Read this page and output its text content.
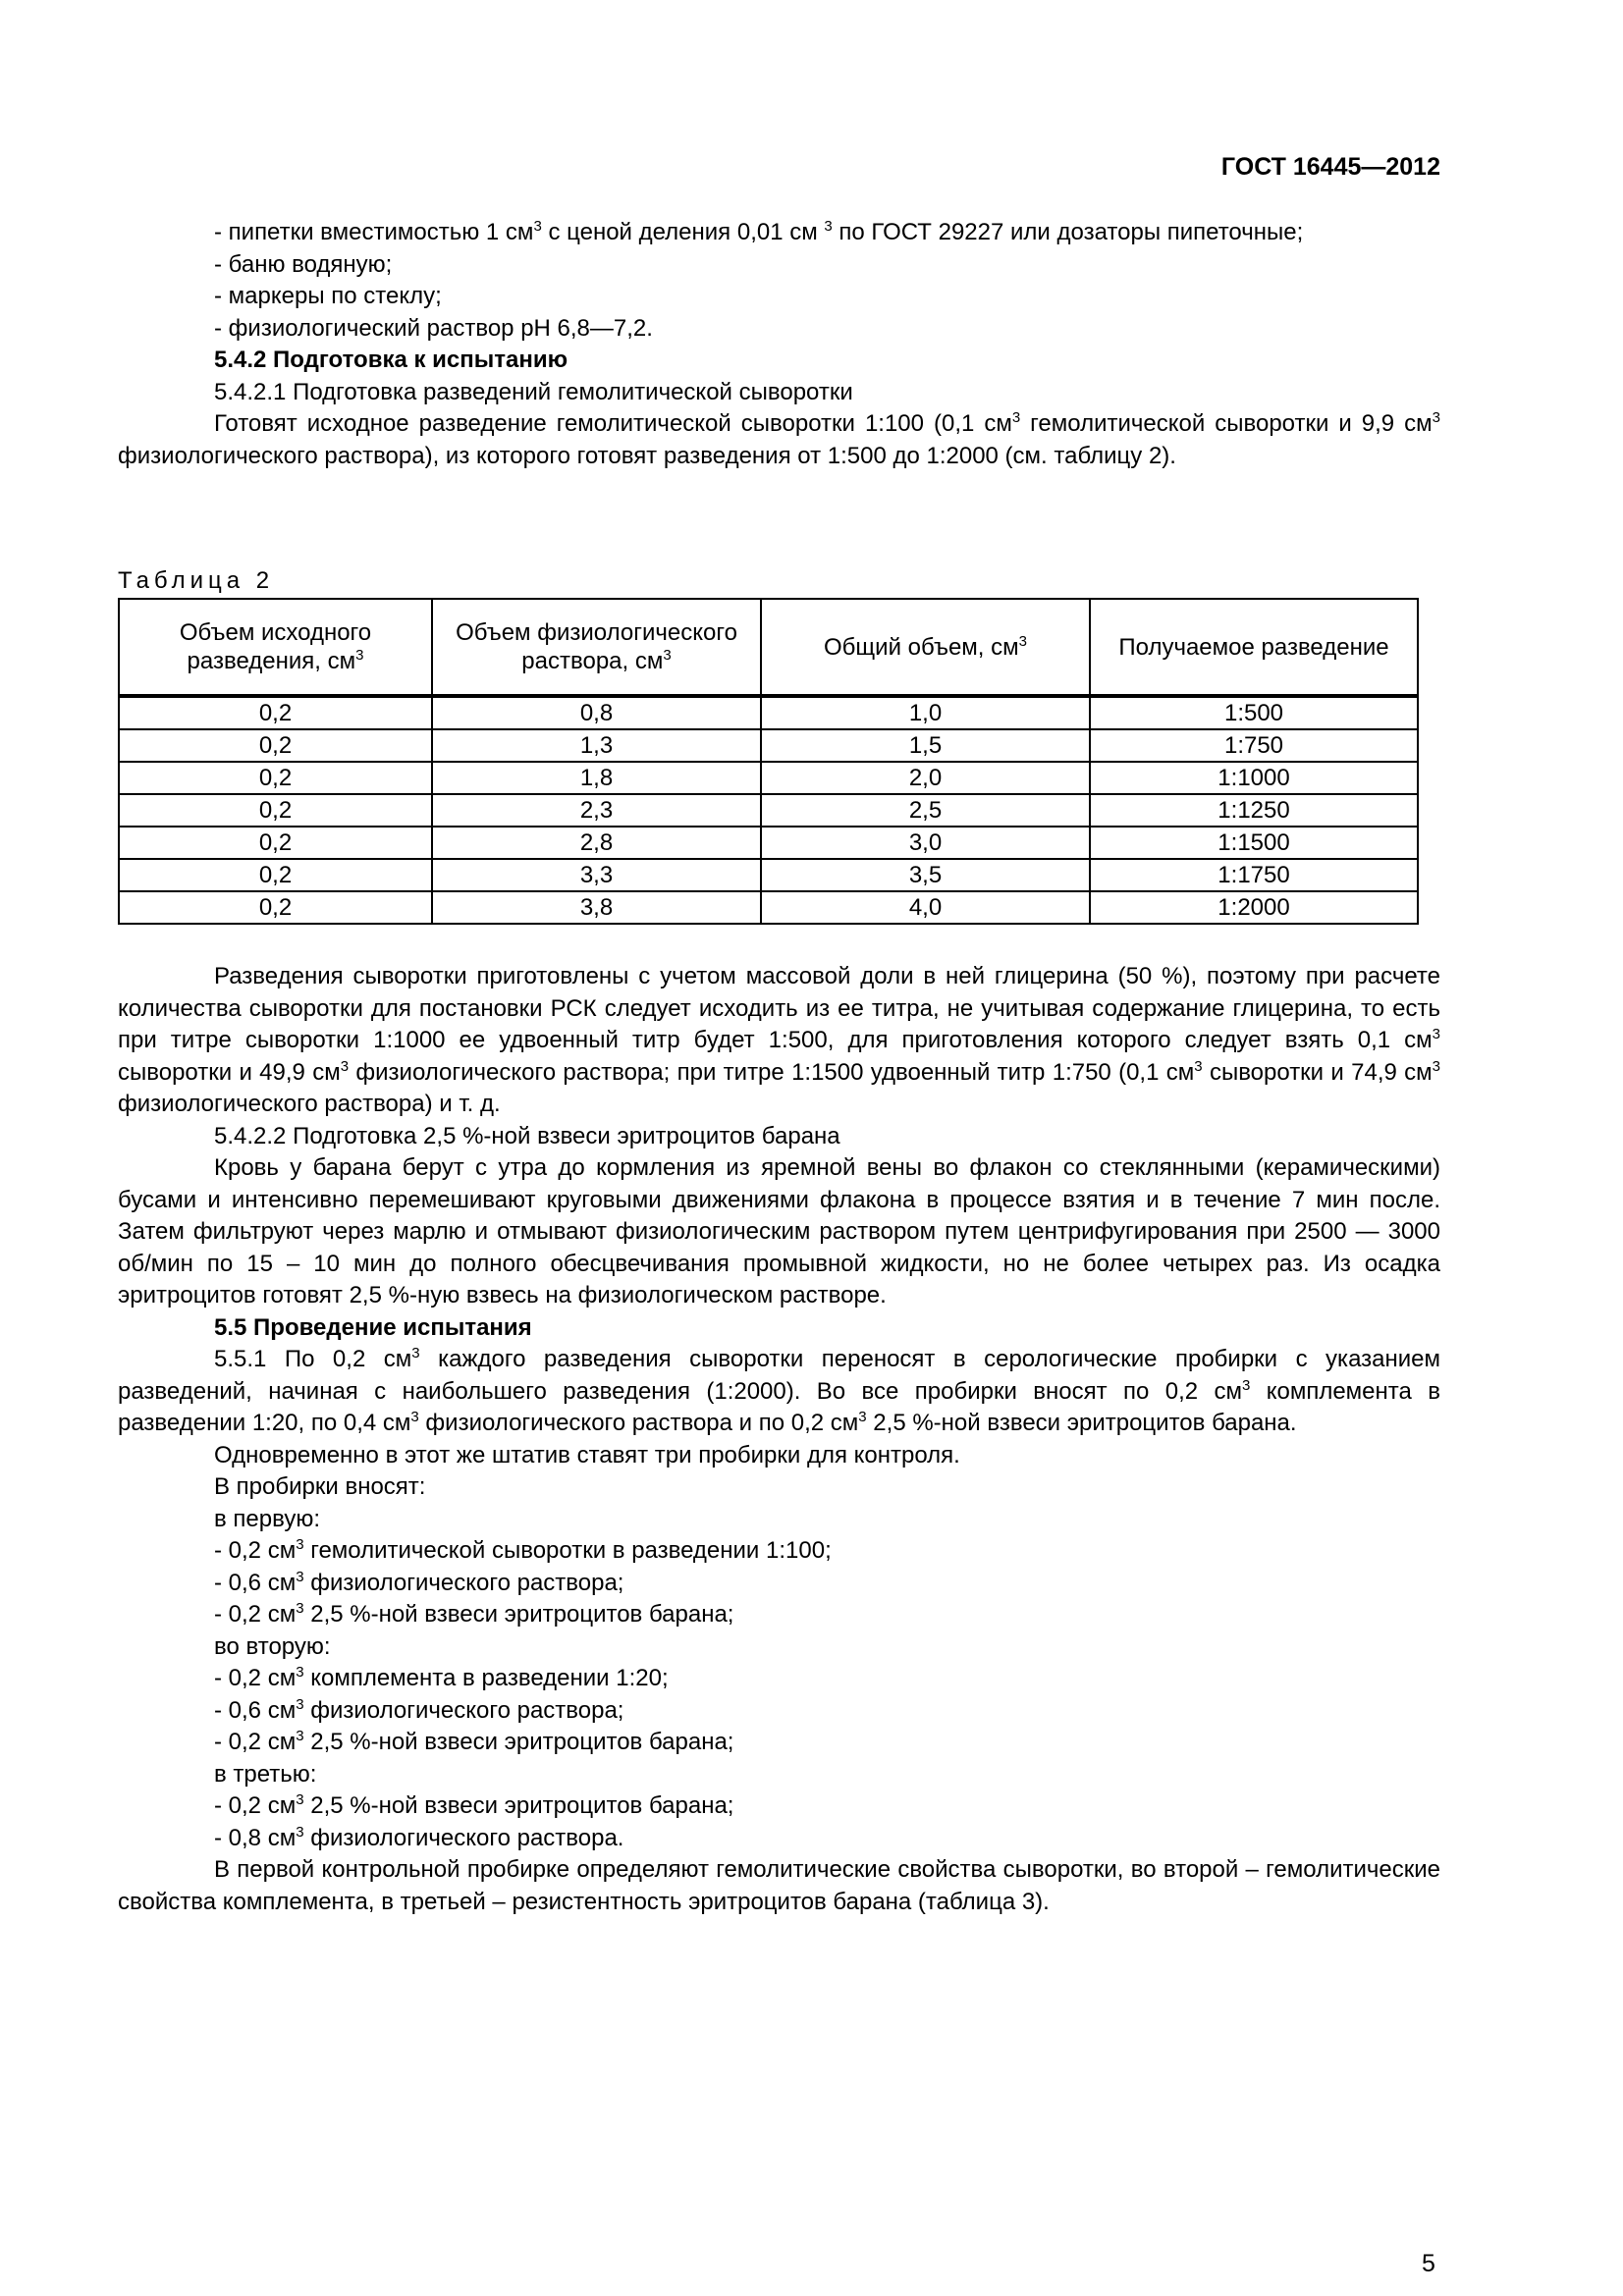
ГОСТ 16445—2012

- пипетки вместимостью 1 $см^3$ с ценой деления 0,01 см $^3$ по ГОСТ 29227 или дозаторы пипеточные;

- баню водяную;

- маркеры по стеклу;

- физиологический раствор pH 6,8—7,2.

5.4.2 Подготовка к испытанию

5.4.2.1 Подготовка разведений гемолитической сыворотки

Готовят исходное разведение гемолитической сыворотки 1:100 (0,1 $см^3$ гемолитической сыворотки и 9,9 $см^3$ физиологического раствора), из которого готовят разведения от 1:500 до 1:2000 (см. таблицу 2).

Таблица 2
Объем исходного разведения, $см^3$	Объем физиологического раствора, $см^3$	Общий объем, $см^3$	Получаемое разведение
0,2	0,8	1,0	1:500
0,2	1,3	1,5	1:750
0,2	1,8	2,0	1:1000
0,2	2,3	2,5	1:1250
0,2	2,8	3,0	1:1500
0,2	3,3	3,5	1:1750
0,2	3,8	4,0	1:2000

Разведения сыворотки приготовлены с учетом массовой доли в ней глицерина (50 %), поэтому при расчете количества сыворотки для постановки РСК следует исходить из ее титра, не учитывая содержание глицерина, то есть при титре сыворотки 1:1000 ее удвоенный титр будет 1:500, для приготовления которого следует взять 0,1 $см^3$ сыворотки и 49,9 $см^3$ физиологического раствора; при титре 1:1500 удвоенный титр 1:750 (0,1 $см^3$ сыворотки и 74,9 $см^3$ физиологического раствора) и т. д.

5.4.2.2 Подготовка 2,5 %-ной взвеси эритроцитов барана

Кровь у барана берут с утра до кормления из яремной вены во флакон со стеклянными (керамическими) бусами и интенсивно перемешивают круговыми движениями флакона в процессе взятия и в течение 7 мин после. Затем фильтруют через марлю и отмывают физиологическим раствором путем центрифугирования при 2500 — 3000 об/мин по 15 – 10 мин до полного обесцвечивания промывной жидкости, но не более четырех раз. Из осадка эритроцитов готовят 2,5 %-ную взвесь на физиологическом растворе.

5.5 Проведение испытания

5.5.1 По 0,2 $см^3$ каждого разведения сыворотки переносят в серологические пробирки с указанием разведений, начиная с наибольшего разведения (1:2000). Во все пробирки вносят по 0,2 $см^3$ комплемента в разведении 1:20, по 0,4 $см^3$ физиологического раствора и по 0,2 $см^3$ 2,5 %-ной взвеси эритроцитов барана.

Одновременно в этот же штатив ставят три пробирки для контроля.

В пробирки вносят:

в первую:

- 0,2 $см^3$ гемолитической сыворотки в разведении 1:100;

- 0,6 $см^3$ физиологического раствора;

- 0,2 $см^3$ 2,5 %-ной взвеси эритроцитов барана;

во вторую:

- 0,2 $см^3$ комплемента в разведении 1:20;

- 0,6 $см^3$ физиологического раствора;

- 0,2 $см^3$ 2,5 %-ной взвеси эритроцитов барана;

в третью:

- 0,2 $см^3$ 2,5 %-ной взвеси эритроцитов барана;

- 0,8 $см^3$ физиологического раствора.

В первой контрольной пробирке определяют гемолитические свойства сыворотки, во второй – гемолитические свойства комплемента, в третьей – резистентность эритроцитов барана (таблица 3).

5
